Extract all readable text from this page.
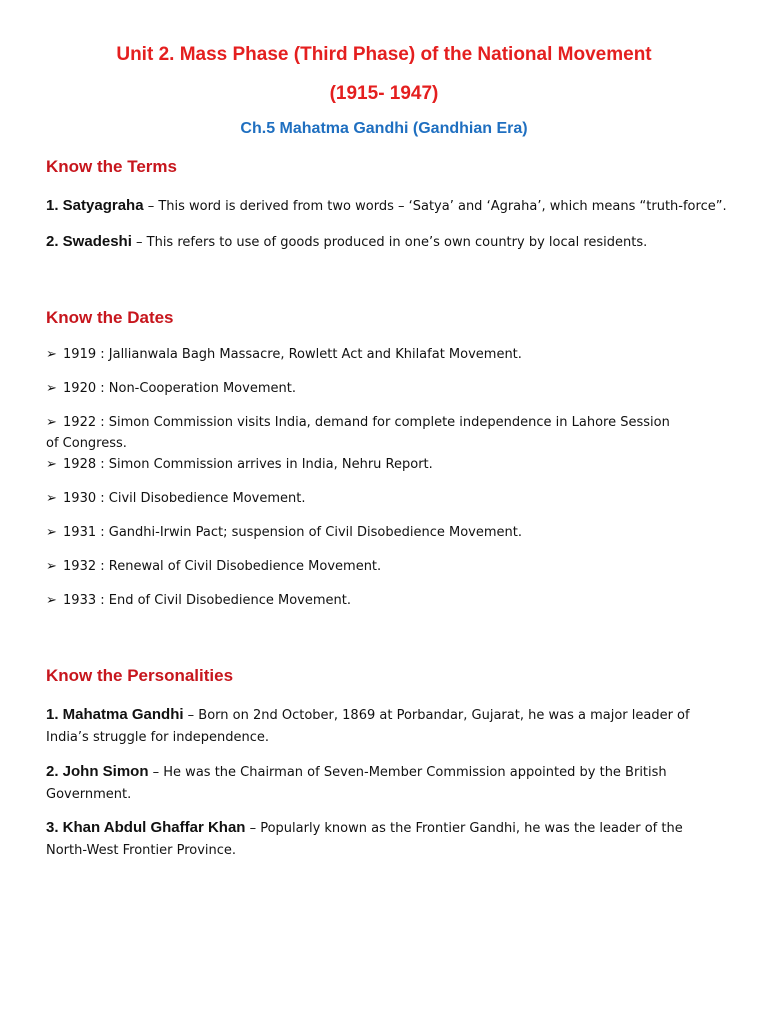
Unit 2. Mass Phase (Third Phase) of the National Movement
(1915- 1947)
Ch.5 Mahatma Gandhi (Gandhian Era)
Know the Terms
1. Satyagraha – This word is derived from two words – ‘Satya’ and ‘Agraha’, which means “truth-force”.
2. Swadeshi – This refers to use of goods produced in one’s own country by local residents.
Know the Dates
➢ 1919 : Jallianwala Bagh Massacre, Rowlett Act and Khilafat Movement.
➢ 1920 : Non-Cooperation Movement.
➢ 1922 : Simon Commission visits India, demand for complete independence in Lahore Session of Congress.
➢ 1928 : Simon Commission arrives in India, Nehru Report.
➢ 1930 : Civil Disobedience Movement.
➢ 1931 : Gandhi-Irwin Pact; suspension of Civil Disobedience Movement.
➢ 1932 : Renewal of Civil Disobedience Movement.
➢ 1933 : End of Civil Disobedience Movement.
Know the Personalities
1. Mahatma Gandhi – Born on 2nd October, 1869 at Porbandar, Gujarat, he was a major leader of India’s struggle for independence.
2. John Simon – He was the Chairman of Seven-Member Commission appointed by the British Government.
3. Khan Abdul Ghaffar Khan – Popularly known as the Frontier Gandhi, he was the leader of the North-West Frontier Province.
